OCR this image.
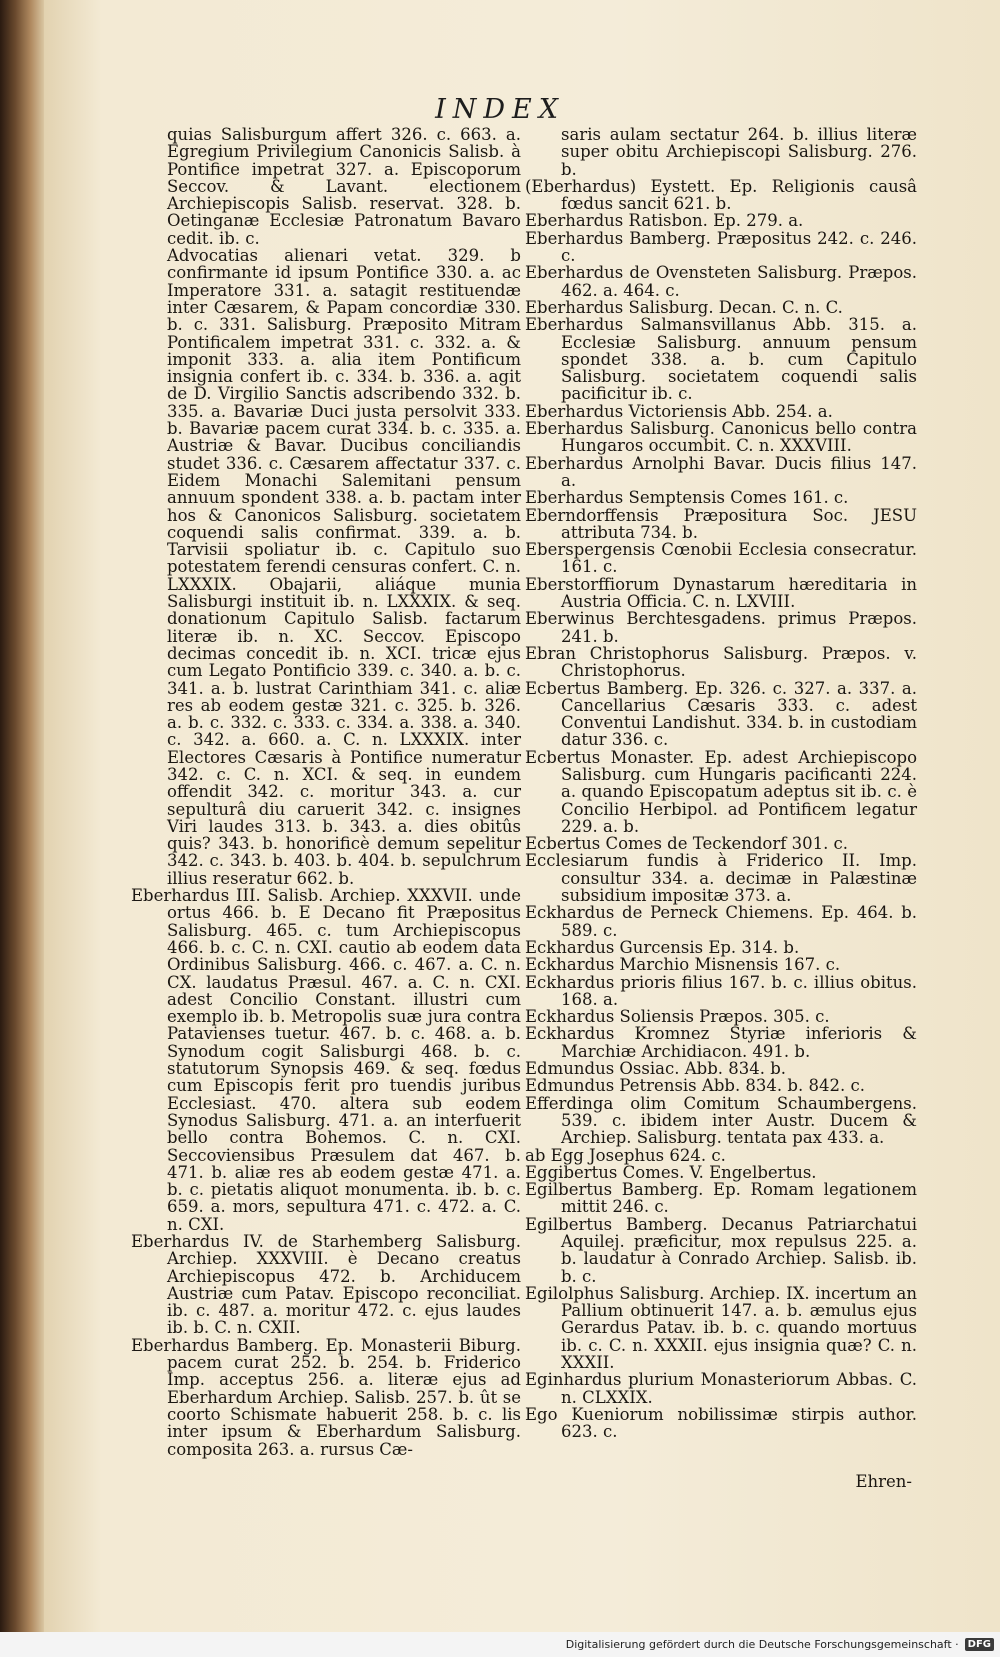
INDEX

quias Salisburgum affert 326. c. 663. a. Egregium Privilegium Canonicis Salisb. à Pontifice impetrat 327. a. Episcoporum Seccov. & Lavant. electionem Archiepiscopis Salisb. reservat. 328. b. Oetinganæ Ecclesiæ Patronatum Bavaro cedit. ib. c.

Advocatias alienari vetat. 329. b confirmante id ipsum Pontifice 330. a. ac Imperatore 331. a. satagit restituendæ inter Cæsarem, & Papam concordiæ 330. b. c. 331. Salisburg. Præposito Mitram Pontificalem impetrat 331. c. 332. a. & imponit 333. a. alia item Pontificum insignia confert ib. c. 334. b. 336. a. agit de D. Virgilio Sanctis adscribendo 332. b. 335. a. Bavariæ Duci justa persolvit 333. b. Bavariæ pacem curat 334. b. c. 335. a. Austriæ & Bavar. Ducibus conciliandis studet 336. c. Cæsarem affectatur 337. c. Eidem Monachi Salemitani pensum annuum spondent 338. a. b. pactam inter hos & Canonicos Salisburg. societatem coquendi salis confirmat. 339. a. b. Tarvisii spoliatur ib. c. Capitulo suo potestatem ferendi censuras confert. C. n. LXXXIX. Obajarii, aliáque munia Salisburgi instituit ib. n. LXXXIX. & seq. donationum Capitulo Salisb. factarum literæ ib. n. XC. Seccov. Episcopo decimas concedit ib. n. XCI. tricæ ejus cum Legato Pontificio 339. c. 340. a. b. c. 341. a. b. lustrat Carinthiam 341. c. aliæ res ab eodem gestæ 321. c. 325. b. 326. a. b. c. 332. c. 333. c. 334. a. 338. a. 340. c. 342. a. 660. a. C. n. LXXXIX. inter Electores Cæsaris à Pontifice numeratur 342. c. C. n. XCI. & seq. in eundem offendit 342. c. moritur 343. a. cur sepulturâ diu caruerit 342. c. insignes Viri laudes 313. b. 343. a. dies obitûs quis? 343. b. honorificè demum sepelitur 342. c. 343. b. 403. b. 404. b. sepulchrum illius reseratur 662. b.

Eberhardus III. Salisb. Archiep. XXXVII. unde ortus 466. b. E Decano fit Præpositus Salisburg. 465. c. tum Archiepiscopus 466. b. c. C. n. CXI. cautio ab eodem data Ordinibus Salisburg. 466. c. 467. a. C. n. CX. laudatus Præsul. 467. a. C. n. CXI. adest Concilio Constant. illustri cum exemplo ib. b. Metropolis suæ jura contra Patavienses tuetur. 467. b. c. 468. a. b. Synodum cogit Salisburgi 468. b. c. statutorum Synopsis 469. & seq. fœdus cum Episcopis ferit pro tuendis juribus Ecclesiast. 470. altera sub eodem Synodus Salisburg. 471. a. an interfuerit bello contra Bohemos. C. n. CXI. Seccoviensibus Præsulem dat 467. b. 471. b. aliæ res ab eodem gestæ 471. a. b. c. pietatis aliquot monumenta. ib. b. c. 659. a. mors, sepultura 471. c. 472. a. C. n. CXI.

Eberhardus IV. de Starhemberg Salisburg. Archiep. XXXVIII. è Decano creatus Archiepiscopus 472. b. Archiducem Austriæ cum Patav. Episcopo reconciliat. ib. c. 487. a. moritur 472. c. ejus laudes ib. b. C. n. CXII.

Eberhardus Bamberg. Ep. Monasterii Biburg. pacem curat 252. b. 254. b. Friderico Imp. acceptus 256. a. literæ ejus ad Eberhardum Archiep. Salisb. 257. b. ût se coorto Schismate habuerit 258. b. c. lis inter ipsum & Eberhardum Salisburg. composita 263. a. rursus Cæ-

saris aulam sectatur 264. b. illius literæ super obitu Archiepiscopi Salisburg. 276. b.

(Eberhardus) Eystett. Ep. Religionis causâ fœdus sancit 621. b.

Eberhardus Ratisbon. Ep. 279. a.

Eberhardus Bamberg. Præpositus 242. c. 246. c.

Eberhardus de Ovensteten Salisburg. Præpos. 462. a. 464. c.

Eberhardus Salisburg. Decan. C. n. C.

Eberhardus Salmansvillanus Abb. 315. a. Ecclesiæ Salisburg. annuum pensum spondet 338. a. b. cum Capitulo Salisburg. societatem coquendi salis pacificitur ib. c.

Eberhardus Victoriensis Abb. 254. a.

Eberhardus Salisburg. Canonicus bello contra Hungaros occumbit. C. n. XXXVIII.

Eberhardus Arnolphi Bavar. Ducis filius 147. a.

Eberhardus Semptensis Comes 161. c.

Eberndorffensis Præpositura Soc. JESU attributa 734. b.

Eberspergensis Cœnobii Ecclesia consecratur. 161. c.

Eberstorffiorum Dynastarum hæreditaria in Austria Officia. C. n. LXVIII.

Eberwinus Berchtesgadens. primus Præpos. 241. b.

Ebran Christophorus Salisburg. Præpos. v. Christophorus.

Ecbertus Bamberg. Ep. 326. c. 327. a. 337. a. Cancellarius Cæsaris 333. c. adest Conventui Landishut. 334. b. in custodiam datur 336. c.

Ecbertus Monaster. Ep. adest Archiepiscopo Salisburg. cum Hungaris pacificanti 224. a. quando Episcopatum adeptus sit ib. c. è Concilio Herbipol. ad Pontificem legatur 229. a. b.

Ecbertus Comes de Teckendorf 301. c.

Ecclesiarum fundis à Friderico II. Imp. consultur 334. a. decimæ in Palæstinæ subsidium impositæ 373. a.

Eckhardus de Perneck Chiemens. Ep. 464. b. 589. c.

Eckhardus Gurcensis Ep. 314. b.

Eckhardus Marchio Misnensis 167. c.

Eckhardus prioris filius 167. b. c. illius obitus. 168. a.

Eckhardus Soliensis Præpos. 305. c.

Eckhardus Kromnez Styriæ inferioris & Marchiæ Archidiacon. 491. b.

Edmundus Ossiac. Abb. 834. b.

Edmundus Petrensis Abb. 834. b. 842. c.

Efferdinga olim Comitum Schaumbergens. 539. c. ibidem inter Austr. Ducem & Archiep. Salisburg. tentata pax 433. a.

ab Egg Josephus 624. c.

Eggibertus Comes. V. Engelbertus.

Egilbertus Bamberg. Ep. Romam legationem mittit 246. c.

Egilbertus Bamberg. Decanus Patriarchatui Aquilej. præficitur, mox repulsus 225. a. b. laudatur à Conrado Archiep. Salisb. ib. b. c.

Egilolphus Salisburg. Archiep. IX. incertum an Pallium obtinuerit 147. a. b. æmulus ejus Gerardus Patav. ib. b. c. quando mortuus ib. c. C. n. XXXII. ejus insignia quæ? C. n. XXXII.

Eginhardus plurium Monasteriorum Abbas. C. n. CLXXIX.

Ego Kueniorum nobilissimæ stirpis author. 623. c.

Ehren-
Digitalisierung gefördert durch die Deutsche Forschungsgemeinschaft · DFG
